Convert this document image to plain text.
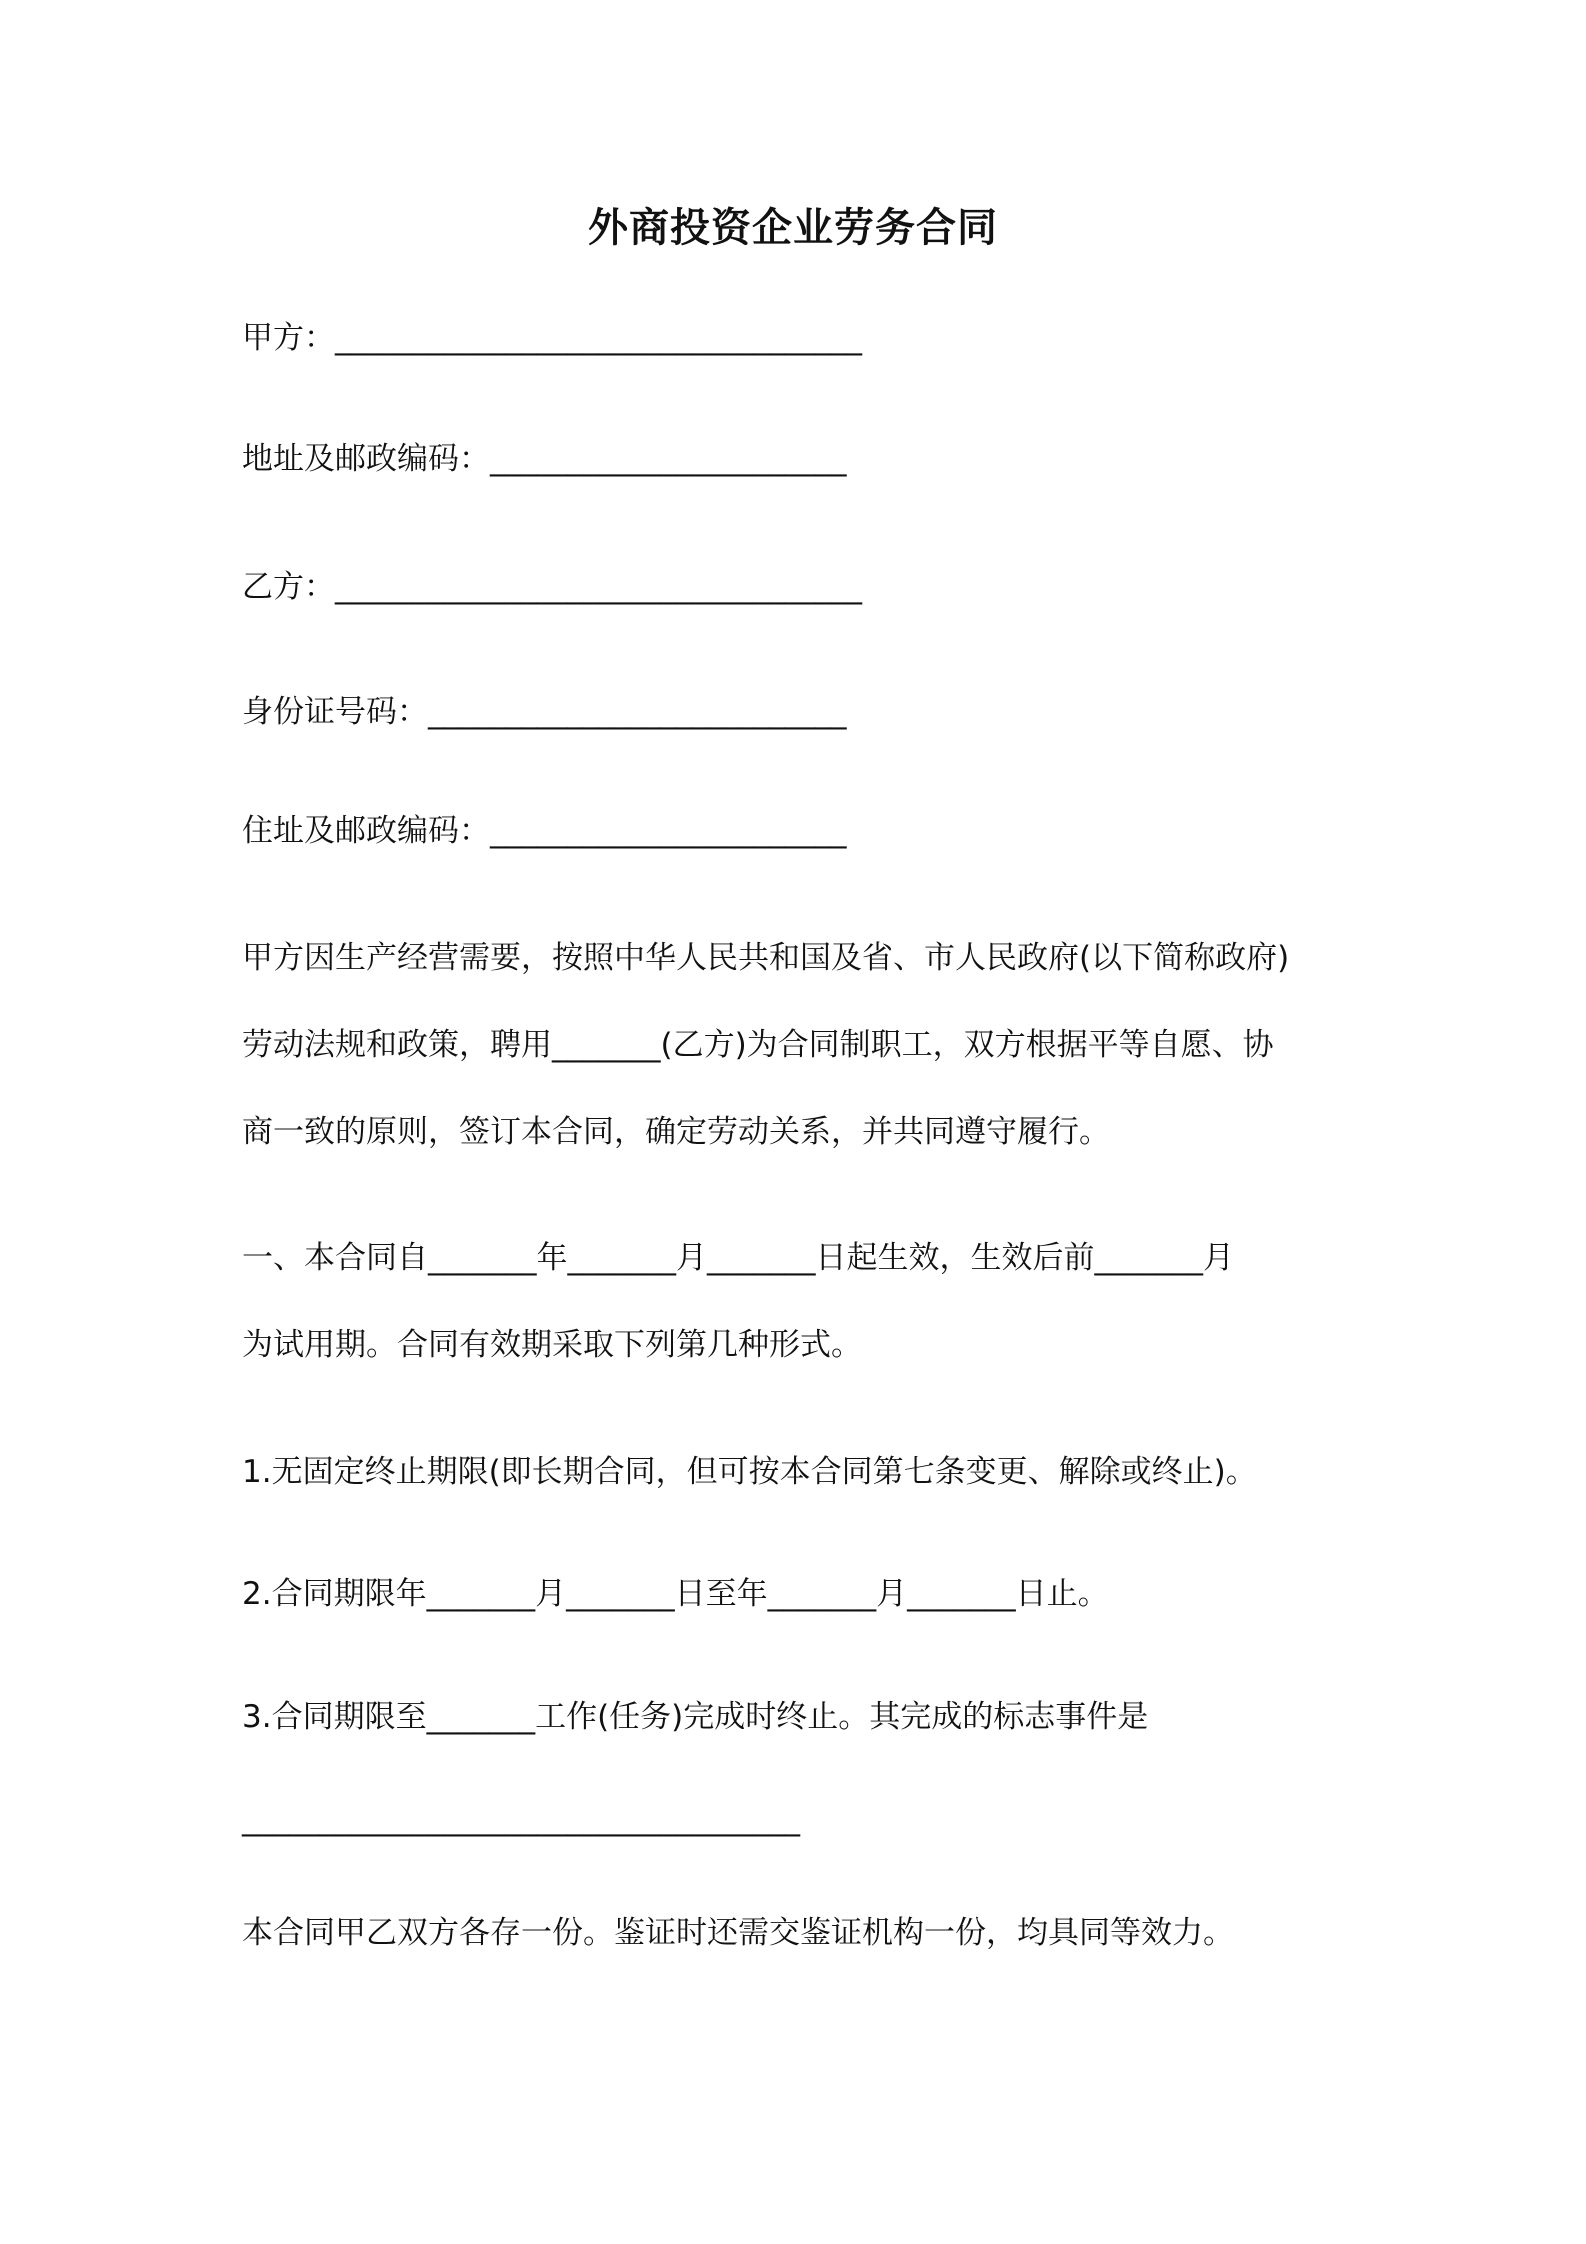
外商投资企业劳务合同
甲方：__________________________________
地址及邮政编码：_______________________
乙方：__________________________________
身份证号码：___________________________
住址及邮政编码：_______________________
甲方因生产经营需要，按照中华人民共和国及省、市人民政府(以下简称政府)
劳动法规和政策，聘用_______(乙方)为合同制职工，双方根据平等自愿、协
商一致的原则，签订本合同，确定劳动关系，并共同遵守履行。
一、本合同自_______年_______月_______日起生效，生效后前_______月
为试用期。合同有效期采取下列第几种形式。
1.无固定终止期限(即长期合同，但可按本合同第七条变更、解除或终止)。
2.合同期限年_______月_______日至年_______月_______日止。
3.合同期限至_______工作(任务)完成时终止。其完成的标志事件是
____________________________________
本合同甲乙双方各存一份。鉴证时还需交鉴证机构一份，均具同等效力。
